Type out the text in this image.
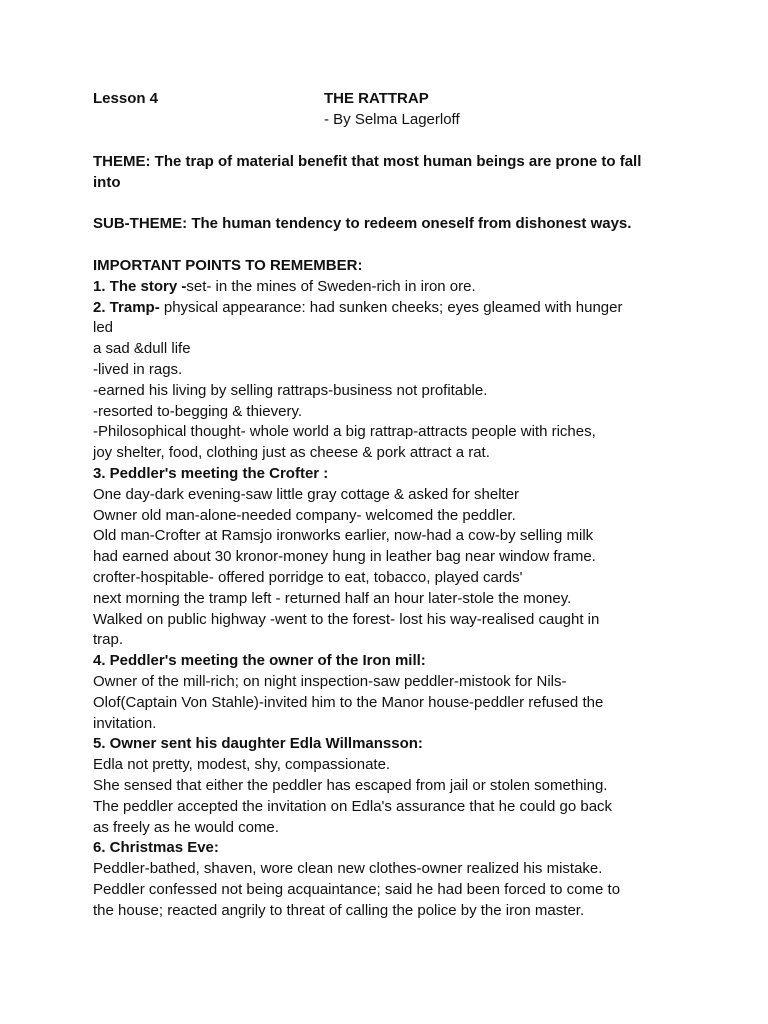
Lesson 4	THE RATTRAP
- By Selma Lagerloff
THEME: The trap of material benefit that most human beings are prone to fall
into
SUB-THEME: The human tendency to redeem oneself from dishonest ways.
IMPORTANT POINTS TO REMEMBER:
1. The story -set- in the mines of Sweden-rich in iron ore.
2. Tramp- physical appearance: had sunken cheeks; eyes gleamed with hunger
led
a sad &dull life
-lived in rags.
-earned his living by selling rattraps-business not profitable.
-resorted to-begging & thievery.
-Philosophical thought- whole world a big rattrap-attracts people with riches,
joy shelter, food, clothing just as cheese & pork attract a rat.
3. Peddler's meeting the Crofter :
One day-dark evening-saw little gray cottage & asked for shelter
Owner old man-alone-needed company- welcomed the peddler.
Old man-Crofter at Ramsjo ironworks earlier, now-had a cow-by selling milk
had earned about 30 kronor-money hung in leather bag near window frame.
crofter-hospitable- offered porridge to eat, tobacco, played cards'
next morning the tramp left - returned half an hour later-stole the money.
Walked on public highway -went to the forest- lost his way-realised caught in
trap.
4. Peddler's meeting the owner of the Iron mill:
Owner of the mill-rich; on night inspection-saw peddler-mistook for Nils-
Olof(Captain Von Stahle)-invited him to the Manor house-peddler refused the
invitation.
5. Owner sent his daughter Edla Willmansson:
Edla not pretty, modest, shy, compassionate.
She sensed that either the peddler has escaped from jail or stolen something.
The peddler accepted the invitation on Edla's assurance that he could go back
as freely as he would come.
6. Christmas Eve:
Peddler-bathed, shaven, wore clean new clothes-owner realized his mistake.
Peddler confessed not being acquaintance; said he had been forced to come to
the house; reacted angrily to threat of calling the police by the iron master.
